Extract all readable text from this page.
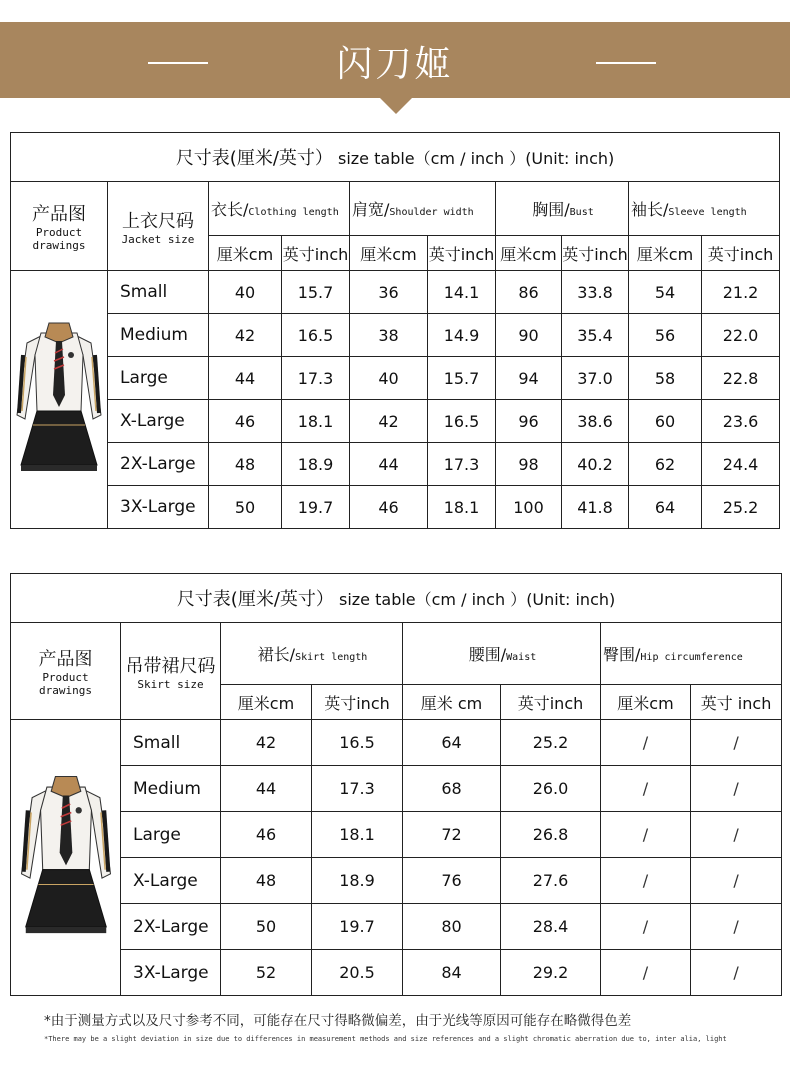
闪刀姬
尺寸表(厘米/英寸） size table（cm / inch ）(Unit: inch)									

产品图
Product
drawings	上衣尺码
Jacket size	衣长/Clothing length		肩宽/Shoulder width		胸围/Bust		袖长/Sleeve length	
		厘米cm	英寸inch	厘米cm	英寸inch	厘米cm	英寸inch	厘米cm	英寸inch

	Small	40	15.7	36	14.1	86	33.8	54	21.2
	Medium	42	16.5	38	14.9	90	35.4	56	22.0
	Large	44	17.3	40	15.7	94	37.0	58	22.8
	X-Large	46	18.1	42	16.5	96	38.6	60	23.6
	2X-Large	48	18.9	44	17.3	98	40.2	62	24.4
	3X-Large	50	19.7	46	18.1	100	41.8	64	25.2
尺寸表(厘米/英寸） size table（cm / inch ）(Unit: inch)							

产品图
Product
drawings	吊带裙尺码
Skirt size	裙长/Skirt length		腰围/Waist		臀围/Hip circumference	
		厘米cm	英寸inch	厘米 cm	英寸inch	厘米cm	英寸 inch

	Small	42	16.5	64	25.2	/	/
	Medium	44	17.3	68	26.0	/	/
	Large	46	18.1	72	26.8	/	/
	X-Large	48	18.9	76	27.6	/	/
	2X-Large	50	19.7	80	28.4	/	/
	3X-Large	52	20.5	84	29.2	/	/
*由于测量方式以及尺寸参考不同，可能存在尺寸得略微偏差，由于光线等原因可能存在略微得色差
*There may be a slight deviation in size due to differences in measurement methods and size references and a slight chromatic aberration due to, inter alia, light
